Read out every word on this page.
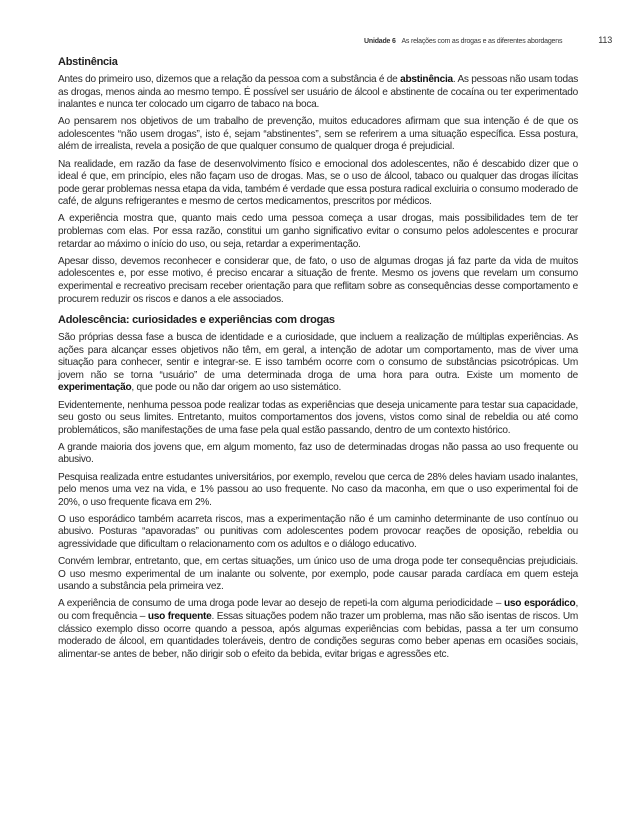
Unidade 6 As relações com as drogas e as diferentes abordagens	113
Abstinência

Antes do primeiro uso, dizemos que a relação da pessoa com a substância é de abstinência. As pessoas não usam todas as drogas, menos ainda ao mesmo tempo. É possível ser usuário de álcool e abstinente de cocaína ou ter experimentado inalantes e nunca ter colocado um cigarro de tabaco na boca.

Ao pensarem nos objetivos de um trabalho de prevenção, muitos educadores afirmam que sua intenção é de que os adolescentes “não usem drogas”, isto é, sejam “abstinentes”, sem se referirem a uma situação específica. Essa postura, além de irrealista, revela a posição de que qualquer consumo de qualquer droga é prejudicial.

Na realidade, em razão da fase de desenvolvimento físico e emocional dos adolescentes, não é descabido dizer que o ideal é que, em princípio, eles não façam uso de drogas. Mas, se o uso de álcool, tabaco ou qualquer das drogas ilícitas pode gerar problemas nessa etapa da vida, também é verdade que essa postura radical excluiria o consumo moderado de café, de alguns refrigerantes e mesmo de certos medicamentos, prescritos por médicos.

A experiência mostra que, quanto mais cedo uma pessoa começa a usar drogas, mais possibilidades tem de ter problemas com elas. Por essa razão, constitui um ganho significativo evitar o consumo pelos adolescentes e procurar retardar ao máximo o início do uso, ou seja, retardar a experimentação.

Apesar disso, devemos reconhecer e considerar que, de fato, o uso de algumas drogas já faz parte da vida de muitos adolescentes e, por esse motivo, é preciso encarar a situação de frente. Mesmo os jovens que revelam um consumo experimental e recreativo precisam receber orientação para que reflitam sobre as consequências desse comportamento e procurem reduzir os riscos e danos a ele associados.

Adolescência: curiosidades e experiências com drogas

São próprias dessa fase a busca de identidade e a curiosidade, que incluem a realização de múltiplas experiências. As ações para alcançar esses objetivos não têm, em geral, a intenção de adotar um comportamento, mas de viver uma situação para conhecer, sentir e integrar-se. E isso também ocorre com o consumo de substâncias psicotrópicas. Um jovem não se torna “usuário” de uma determinada droga de uma hora para outra. Existe um momento de experimentação, que pode ou não dar origem ao uso sistemático.

Evidentemente, nenhuma pessoa pode realizar todas as experiências que deseja unicamente para testar sua capacidade, seu gosto ou seus limites. Entretanto, muitos comportamentos dos jovens, vistos como sinal de rebeldia ou até como problemáticos, são manifestações de uma fase pela qual estão passando, dentro de um contexto histórico.

A grande maioria dos jovens que, em algum momento, faz uso de determinadas drogas não passa ao uso frequente ou abusivo.

Pesquisa realizada entre estudantes universitários, por exemplo, revelou que cerca de 28% deles haviam usado inalantes, pelo menos uma vez na vida, e 1% passou ao uso frequente. No caso da maconha, em que o uso experimental foi de 20%, o uso frequente ficava em 2%.

O uso esporádico também acarreta riscos, mas a experimentação não é um caminho determinante de uso contínuo ou abusivo. Posturas “apavoradas” ou punitivas com adolescentes podem provocar reações de oposição, rebeldia ou agressividade que dificultam o relacionamento com os adultos e o diálogo educativo.

Convém lembrar, entretanto, que, em certas situações, um único uso de uma droga pode ter consequências prejudiciais. O uso mesmo experimental de um inalante ou solvente, por exemplo, pode causar parada cardíaca em quem esteja usando a substância pela primeira vez.

A experiência de consumo de uma droga pode levar ao desejo de repeti-la com alguma periodicidade – uso esporádico, ou com frequência – uso frequente. Essas situações podem não trazer um problema, mas não são isentas de riscos. Um clássico exemplo disso ocorre quando a pessoa, após algumas experiências com bebidas, passa a ter um consumo moderado de álcool, em quantidades toleráveis, dentro de condições seguras como beber apenas em ocasiões sociais, alimentar-se antes de beber, não dirigir sob o efeito da bebida, evitar brigas e agressões etc.
